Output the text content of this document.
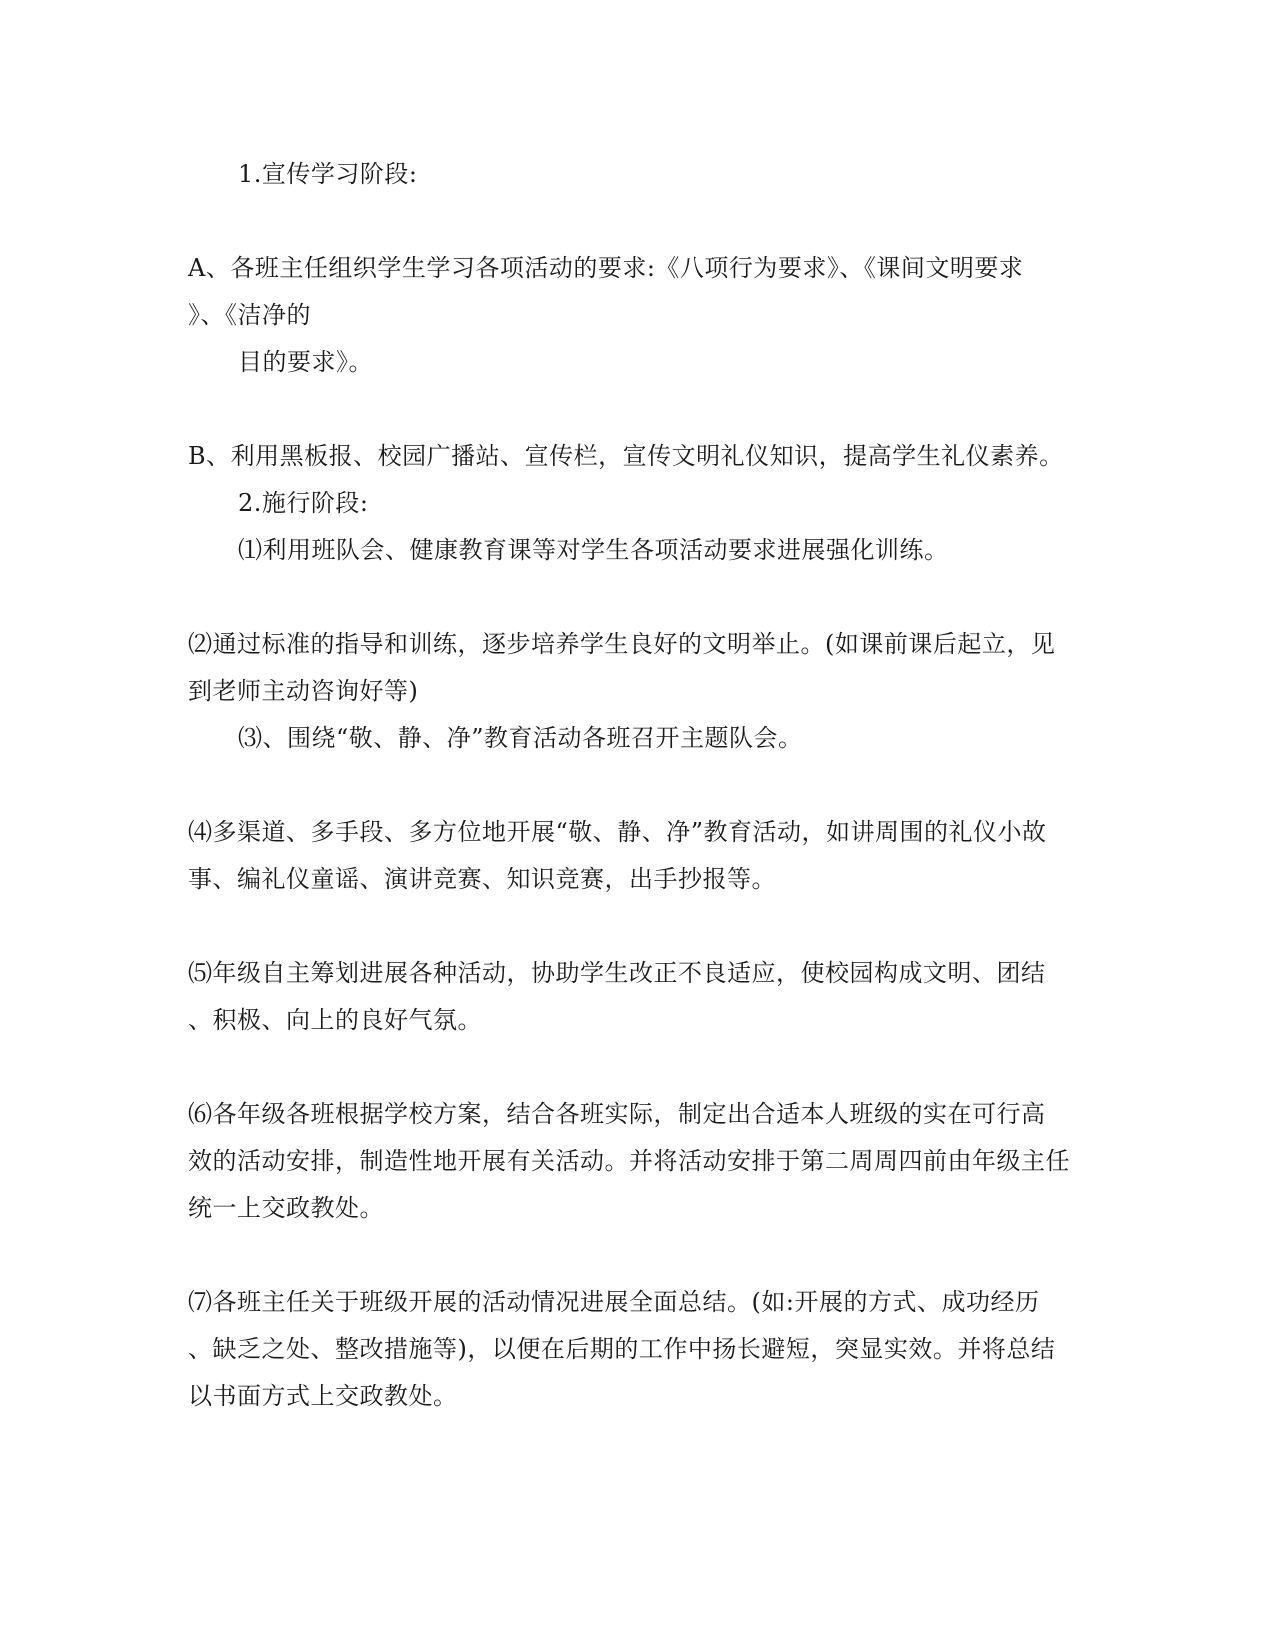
1.宣传学习阶段:
A、各班主任组织学生学习各项活动的要求:《八项行为要求》、《课间文明要求
》、《洁净的
目的要求》。
B、利用黑板报、校园广播站、宣传栏，宣传文明礼仪知识，提高学生礼仪素养。
2.施行阶段:
⑴利用班队会、健康教育课等对学生各项活动要求进展强化训练。
⑵通过标准的指导和训练，逐步培养学生良好的文明举止。(如课前课后起立，见
到老师主动咨询好等)
⑶、围绕“敬、静、净”教育活动各班召开主题队会。
⑷多渠道、多手段、多方位地开展“敬、静、净”教育活动，如讲周围的礼仪小故
事、编礼仪童谣、演讲竞赛、知识竞赛，出手抄报等。
⑸年级自主筹划进展各种活动，协助学生改正不良适应，使校园构成文明、团结
、积极、向上的良好气氛。
⑹各年级各班根据学校方案，结合各班实际，制定出合适本人班级的实在可行高
效的活动安排，制造性地开展有关活动。并将活动安排于第二周周四前由年级主任
统一上交政教处。
⑺各班主任关于班级开展的活动情况进展全面总结。(如:开展的方式、成功经历
、缺乏之处、整改措施等)，以便在后期的工作中扬长避短，突显实效。并将总结
以书面方式上交政教处。
